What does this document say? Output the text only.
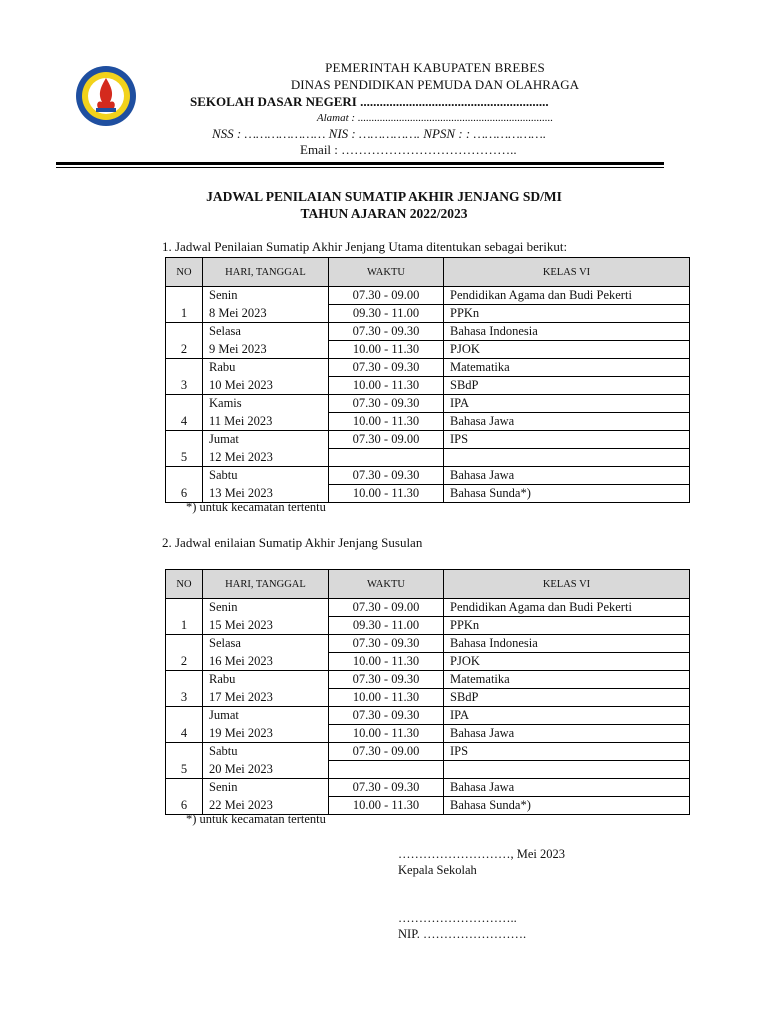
PEMERINTAH KABUPATEN BREBES
DINAS PENDIDIKAN PEMUDA DAN OLAHRAGA
SEKOLAH DASAR NEGERI ..........................................................
Alamat : .......................................................................
NSS : ………………… NIS : ……………. NPSN : : ……………….
Email : …………………………………..
JADWAL PENILAIAN SUMATIP AKHIR JENJANG SD/MI
TAHUN AJARAN 2022/2023
1. Jadwal Penilaian Sumatip Akhir Jenjang Utama ditentukan sebagai berikut:
NO	HARI, TANGGAL	WAKTU	KELAS VI
	Senin	07.30 - 09.00	Pendidikan Agama dan Budi Pekerti
1	8 Mei 2023	09.30 - 11.00	PPKn
	Selasa	07.30 - 09.30	Bahasa Indonesia
2	9 Mei 2023	10.00 - 11.30	PJOK
	Rabu	07.30 - 09.30	Matematika
3	10 Mei 2023	10.00 - 11.30	SBdP
	Kamis	07.30 - 09.30	IPA
4	11 Mei 2023	10.00 - 11.30	Bahasa Jawa
	Jumat	07.30 - 09.00	IPS
5	12 Mei 2023		
	Sabtu	07.30 - 09.30	Bahasa Jawa
6	13 Mei 2023	10.00 - 11.30	Bahasa Sunda*)
*) untuk kecamatan tertentu
2. Jadwal enilaian Sumatip Akhir Jenjang Susulan
NO	HARI, TANGGAL	WAKTU	KELAS VI
	Senin	07.30 - 09.00	Pendidikan Agama dan Budi Pekerti
1	15 Mei 2023	09.30 - 11.00	PPKn
	Selasa	07.30 - 09.30	Bahasa Indonesia
2	16 Mei 2023	10.00 - 11.30	PJOK
	Rabu	07.30 - 09.30	Matematika
3	17 Mei 2023	10.00 - 11.30	SBdP
	Jumat	07.30 - 09.30	IPA
4	19 Mei 2023	10.00 - 11.30	Bahasa Jawa
	Sabtu	07.30 - 09.00	IPS
5	20 Mei 2023		
	Senin	07.30 - 09.30	Bahasa Jawa
6	22 Mei 2023	10.00 - 11.30	Bahasa Sunda*)
*) untuk kecamatan tertentu
………………………, Mei 2023
Kepala Sekolah
………………………..
NIP. …………………….
